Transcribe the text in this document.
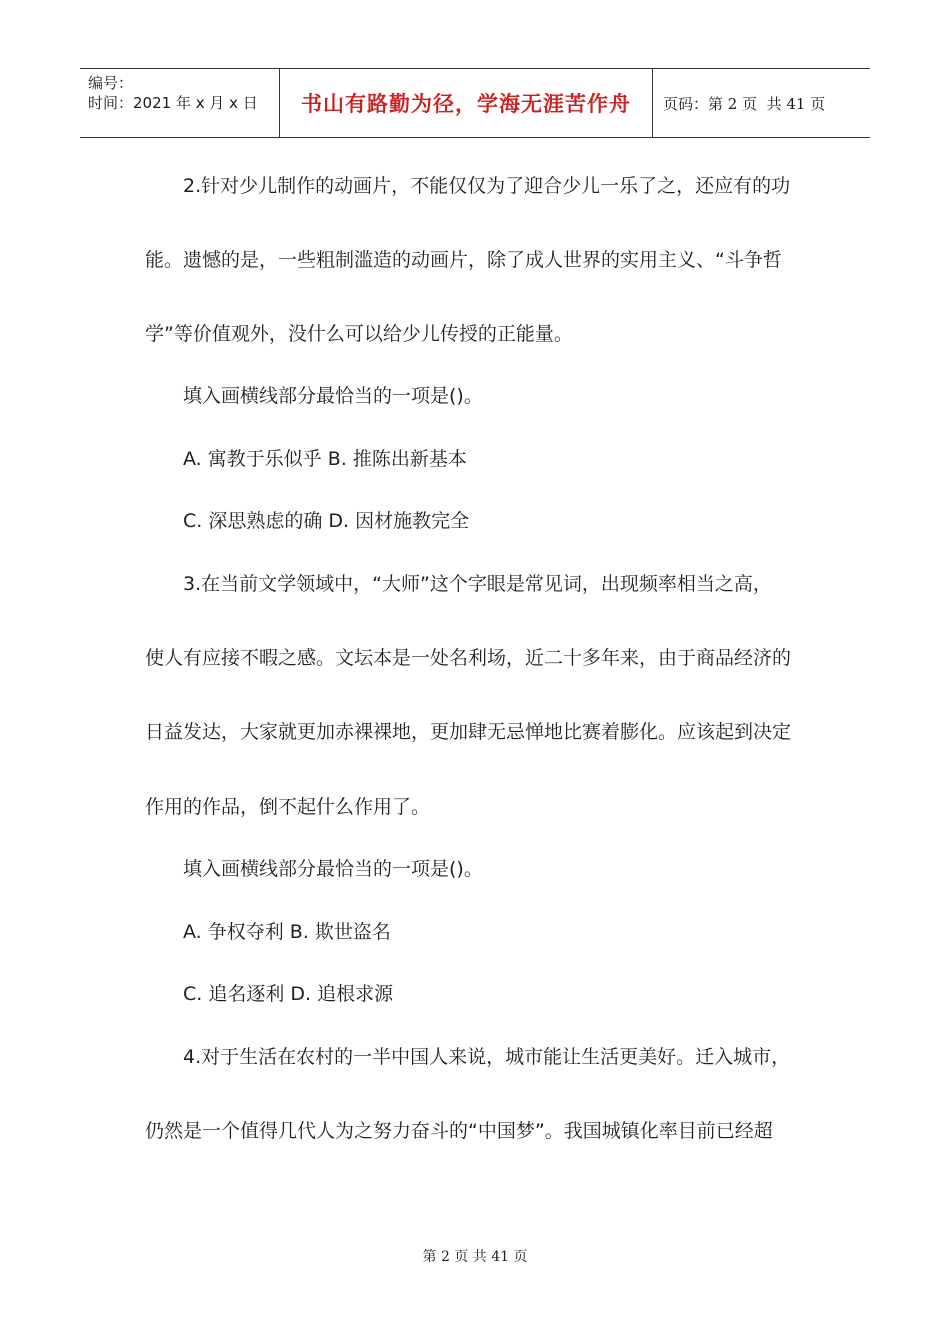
编号：
时间：2021 年 x 月 x 日	书山有路勤为径，学海无涯苦作舟	页码：第 2 页  共 41 页
2.针对少儿制作的动画片，不能仅仅为了迎合少儿一乐了之，还应有的功
能。遗憾的是，一些粗制滥造的动画片，除了成人世界的实用主义、“斗争哲
学”等价值观外，没什么可以给少儿传授的正能量。
填入画横线部分最恰当的一项是()。
A. 寓教于乐似乎 B. 推陈出新基本
C. 深思熟虑的确 D. 因材施教完全
3.在当前文学领域中，“大师”这个字眼是常见词，出现频率相当之高，
使人有应接不暇之感。文坛本是一处名利场，近二十多年来，由于商品经济的
日益发达，大家就更加赤裸裸地，更加肆无忌惮地比赛着膨化。应该起到决定
作用的作品，倒不起什么作用了。
填入画横线部分最恰当的一项是()。
A. 争权夺利 B. 欺世盗名
C. 追名逐利 D. 追根求源
4.对于生活在农村的一半中国人来说，城市能让生活更美好。迁入城市，
仍然是一个值得几代人为之努力奋斗的“中国梦”。我国城镇化率目前已经超
第 2 页 共 41 页
